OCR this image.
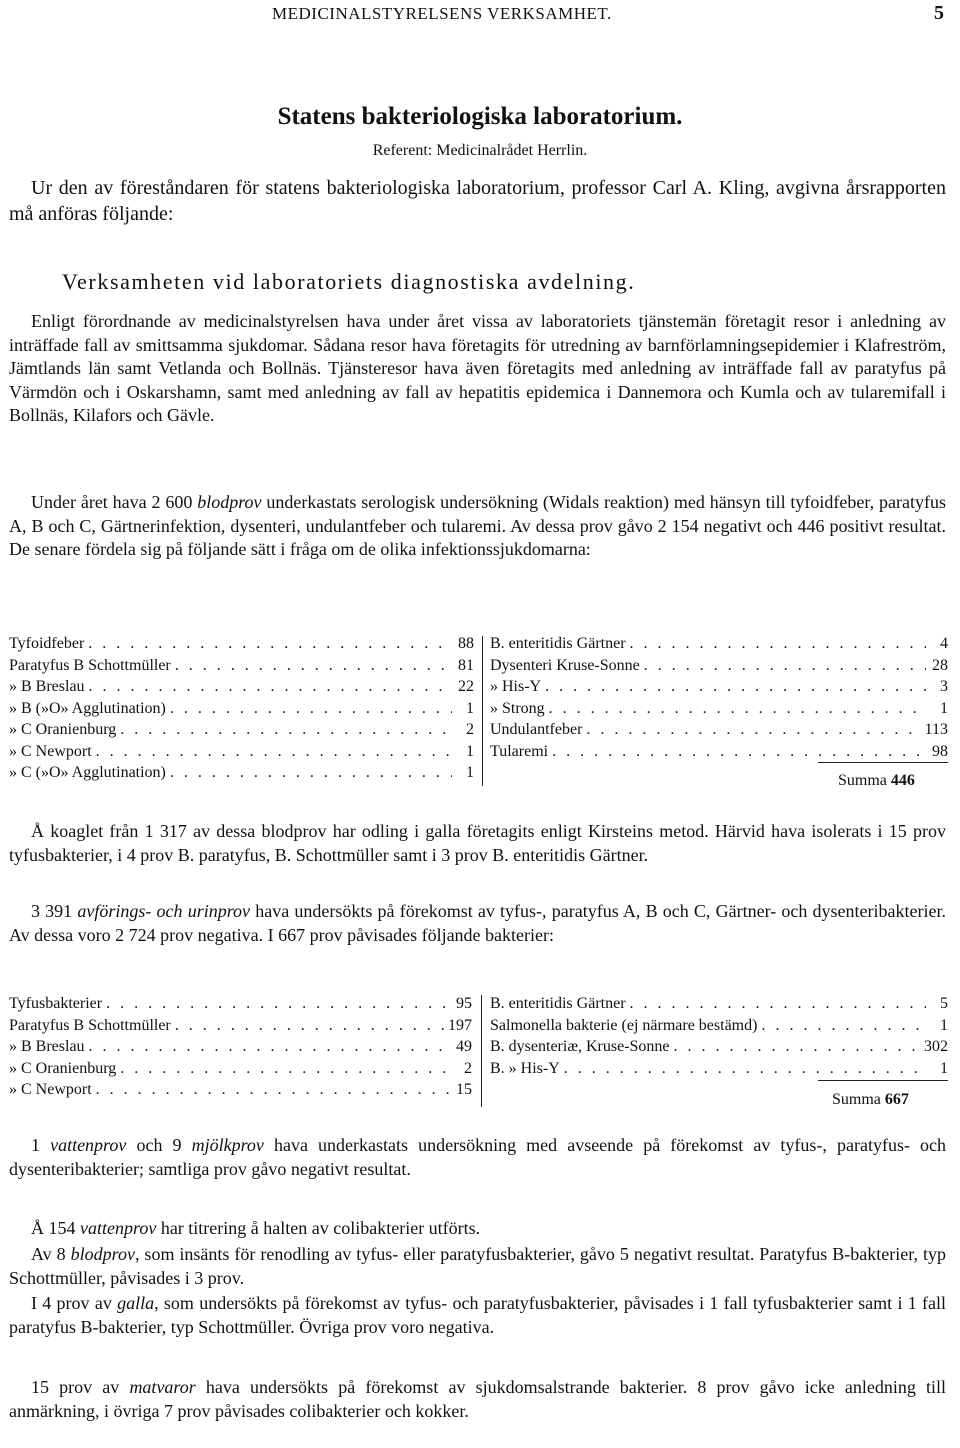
MEDICINALSTYRELSENS VERKSAMHET.	5
Statens bakteriologiska laboratorium.
Referent: Medicinalrådet Herrlin.
Ur den av föreståndaren för statens bakteriologiska laboratorium, professor Carl A. Kling, avgivna årsrapporten må anföras följande:
Verksamheten vid laboratoriets diagnostiska avdelning.
Enligt förordnande av medicinalstyrelsen hava under året vissa av laboratoriets tjänstemän företagit resor i anledning av inträffade fall av smittsamma sjukdomar. Sådana resor hava företagits för utredning av barnförlamningsepidemier i Klafreström, Jämtlands län samt Vetlanda och Bollnäs. Tjänsteresor hava även företagits med anledning av inträffade fall av paratyfus på Värmdön och i Oskarshamn, samt med anledning av fall av hepatitis epidemica i Dannemora och Kumla och av tularemifall i Bollnäs, Kilafors och Gävle.
Under året hava 2 600 blodprov underkastats serologisk undersökning (Widals reaktion) med hänsyn till tyfoidfeber, paratyfus A, B och C, Gärtnerinfektion, dysenteri, undulantfeber och tularemi. Av dessa prov gåvo 2 154 negativt och 446 positivt resultat. De senare fördela sig på följande sätt i fråga om de olika infektionssjukdomarna:
Tyfoidfeber . . .	88
Paratyfus B Schottmüller . . .	81
» B Breslau . . .	22
» B (»O» Agglutination) . . .	1
» C Oranienburg . . .	2
» C Newport . . .	1
» C (»O» Agglutination) . . .	1
B. enteritidis Gärtner . . .	4
Dysenteri Kruse-Sonne . . .	28
» His-Y . . .	3
» Strong . . .	1
Undulantfeber . . .	113
Tularemi . . .	98
Summa 446
Å koaglet från 1 317 av dessa blodprov har odling i galla företagits enligt Kirsteins metod. Härvid hava isolerats i 15 prov tyfusbakterier, i 4 prov B. paratyfus, B. Schottmüller samt i 3 prov B. enteritidis Gärtner.
3 391 avförings- och urinprov hava undersökts på förekomst av tyfus-, paratyfus A, B och C, Gärtner- och dysenteribakterier. Av dessa voro 2 724 prov negativa. I 667 prov påvisades följande bakterier:
Tyfusbakterier . . .	95
Paratyfus B Schottmüller . . .	197
» B Breslau . . .	49
» C Oranienburg . . .	2
» C Newport . . .	15
B. enteritidis Gärtner . . .	5
Salmonella bakterie (ej närmare bestämd) . . .	1
B. dysenteriæ, Kruse-Sonne . . .	302
B. » His-Y . . .	1
Summa 667
1 vattenprov och 9 mjölkprov hava underkastats undersökning med avseende på förekomst av tyfus-, paratyfus- och dysenteribakterier; samtliga prov gåvo negativt resultat.
Å 154 vattenprov har titrering å halten av colibakterier utförts.
Av 8 blodprov, som insänts för renodling av tyfus- eller paratyfusbakterier, gåvo 5 negativt resultat. Paratyfus B-bakterier, typ Schottmüller, påvisades i 3 prov.
I 4 prov av galla, som undersökts på förekomst av tyfus- och paratyfusbakterier, påvisades i 1 fall tyfusbakterier samt i 1 fall paratyfus B-bakterier, typ Schottmüller. Övriga prov voro negativa.
15 prov av matvaror hava undersökts på förekomst av sjukdomsalstrande bakterier. 8 prov gåvo icke anledning till anmärkning, i övriga 7 prov påvisades colibakterier och kokker.
